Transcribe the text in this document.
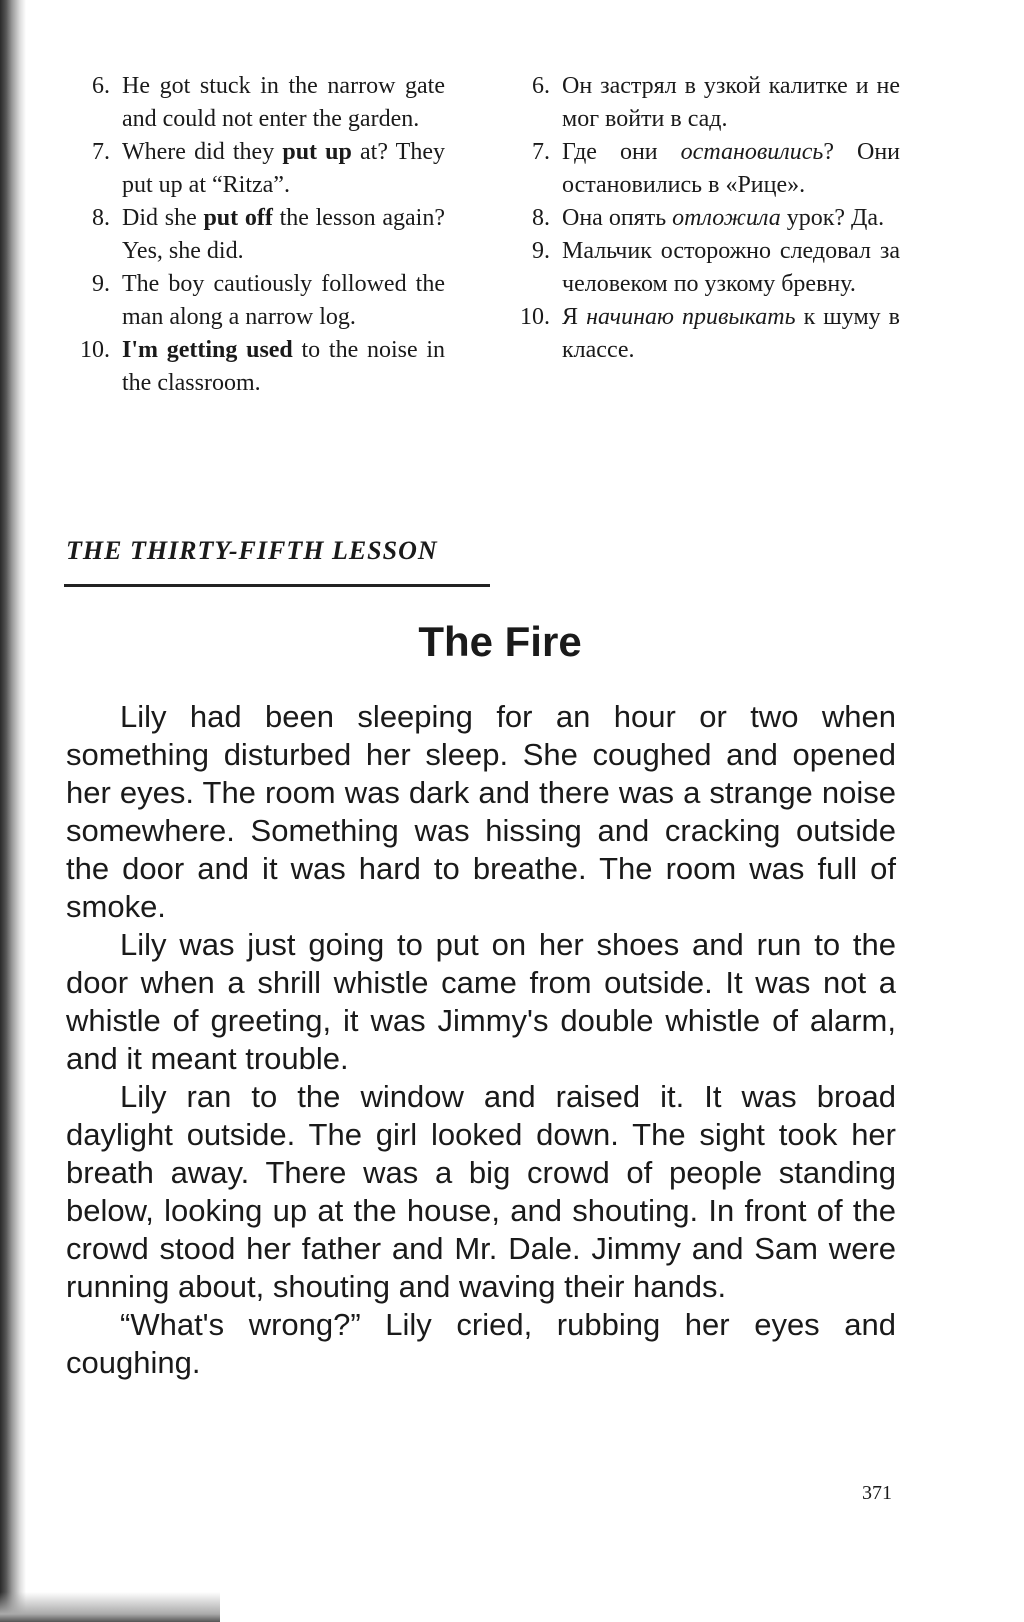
6. He got stuck in the narrow gate and could not enter the garden.
7. Where did they put up at? They put up at “Ritza”.
8. Did she put off the lesson again? Yes, she did.
9. The boy cautiously followed the man along a narrow log.
10. I'm getting used to the noise in the classroom.
6. Он застрял в узкой калитке и не мог войти в сад.
7. Где они остановились? Они остановились в «Рице».
8. Она опять отложила урок? Да.
9. Мальчик осторожно следовал за человеком по узкому бревну.
10. Я начинаю привыкать к шуму в классе.
THE THIRTY-FIFTH LESSON
The Fire

Lily had been sleeping for an hour or two when something disturbed her sleep. She coughed and opened her eyes. The room was dark and there was a strange noise somewhere. Something was hissing and cracking outside the door and it was hard to breathe. The room was full of smoke.

Lily was just going to put on her shoes and run to the door when a shrill whistle came from outside. It was not a whistle of greeting, it was Jimmy's double whistle of alarm, and it meant trouble.

Lily ran to the window and raised it. It was broad daylight outside. The girl looked down. The sight took her breath away. There was a big crowd of people standing below, looking up at the house, and shouting. In front of the crowd stood her father and Mr. Dale. Jimmy and Sam were running about, shouting and waving their hands.

“What's wrong?” Lily cried, rubbing her eyes and coughing.

371
